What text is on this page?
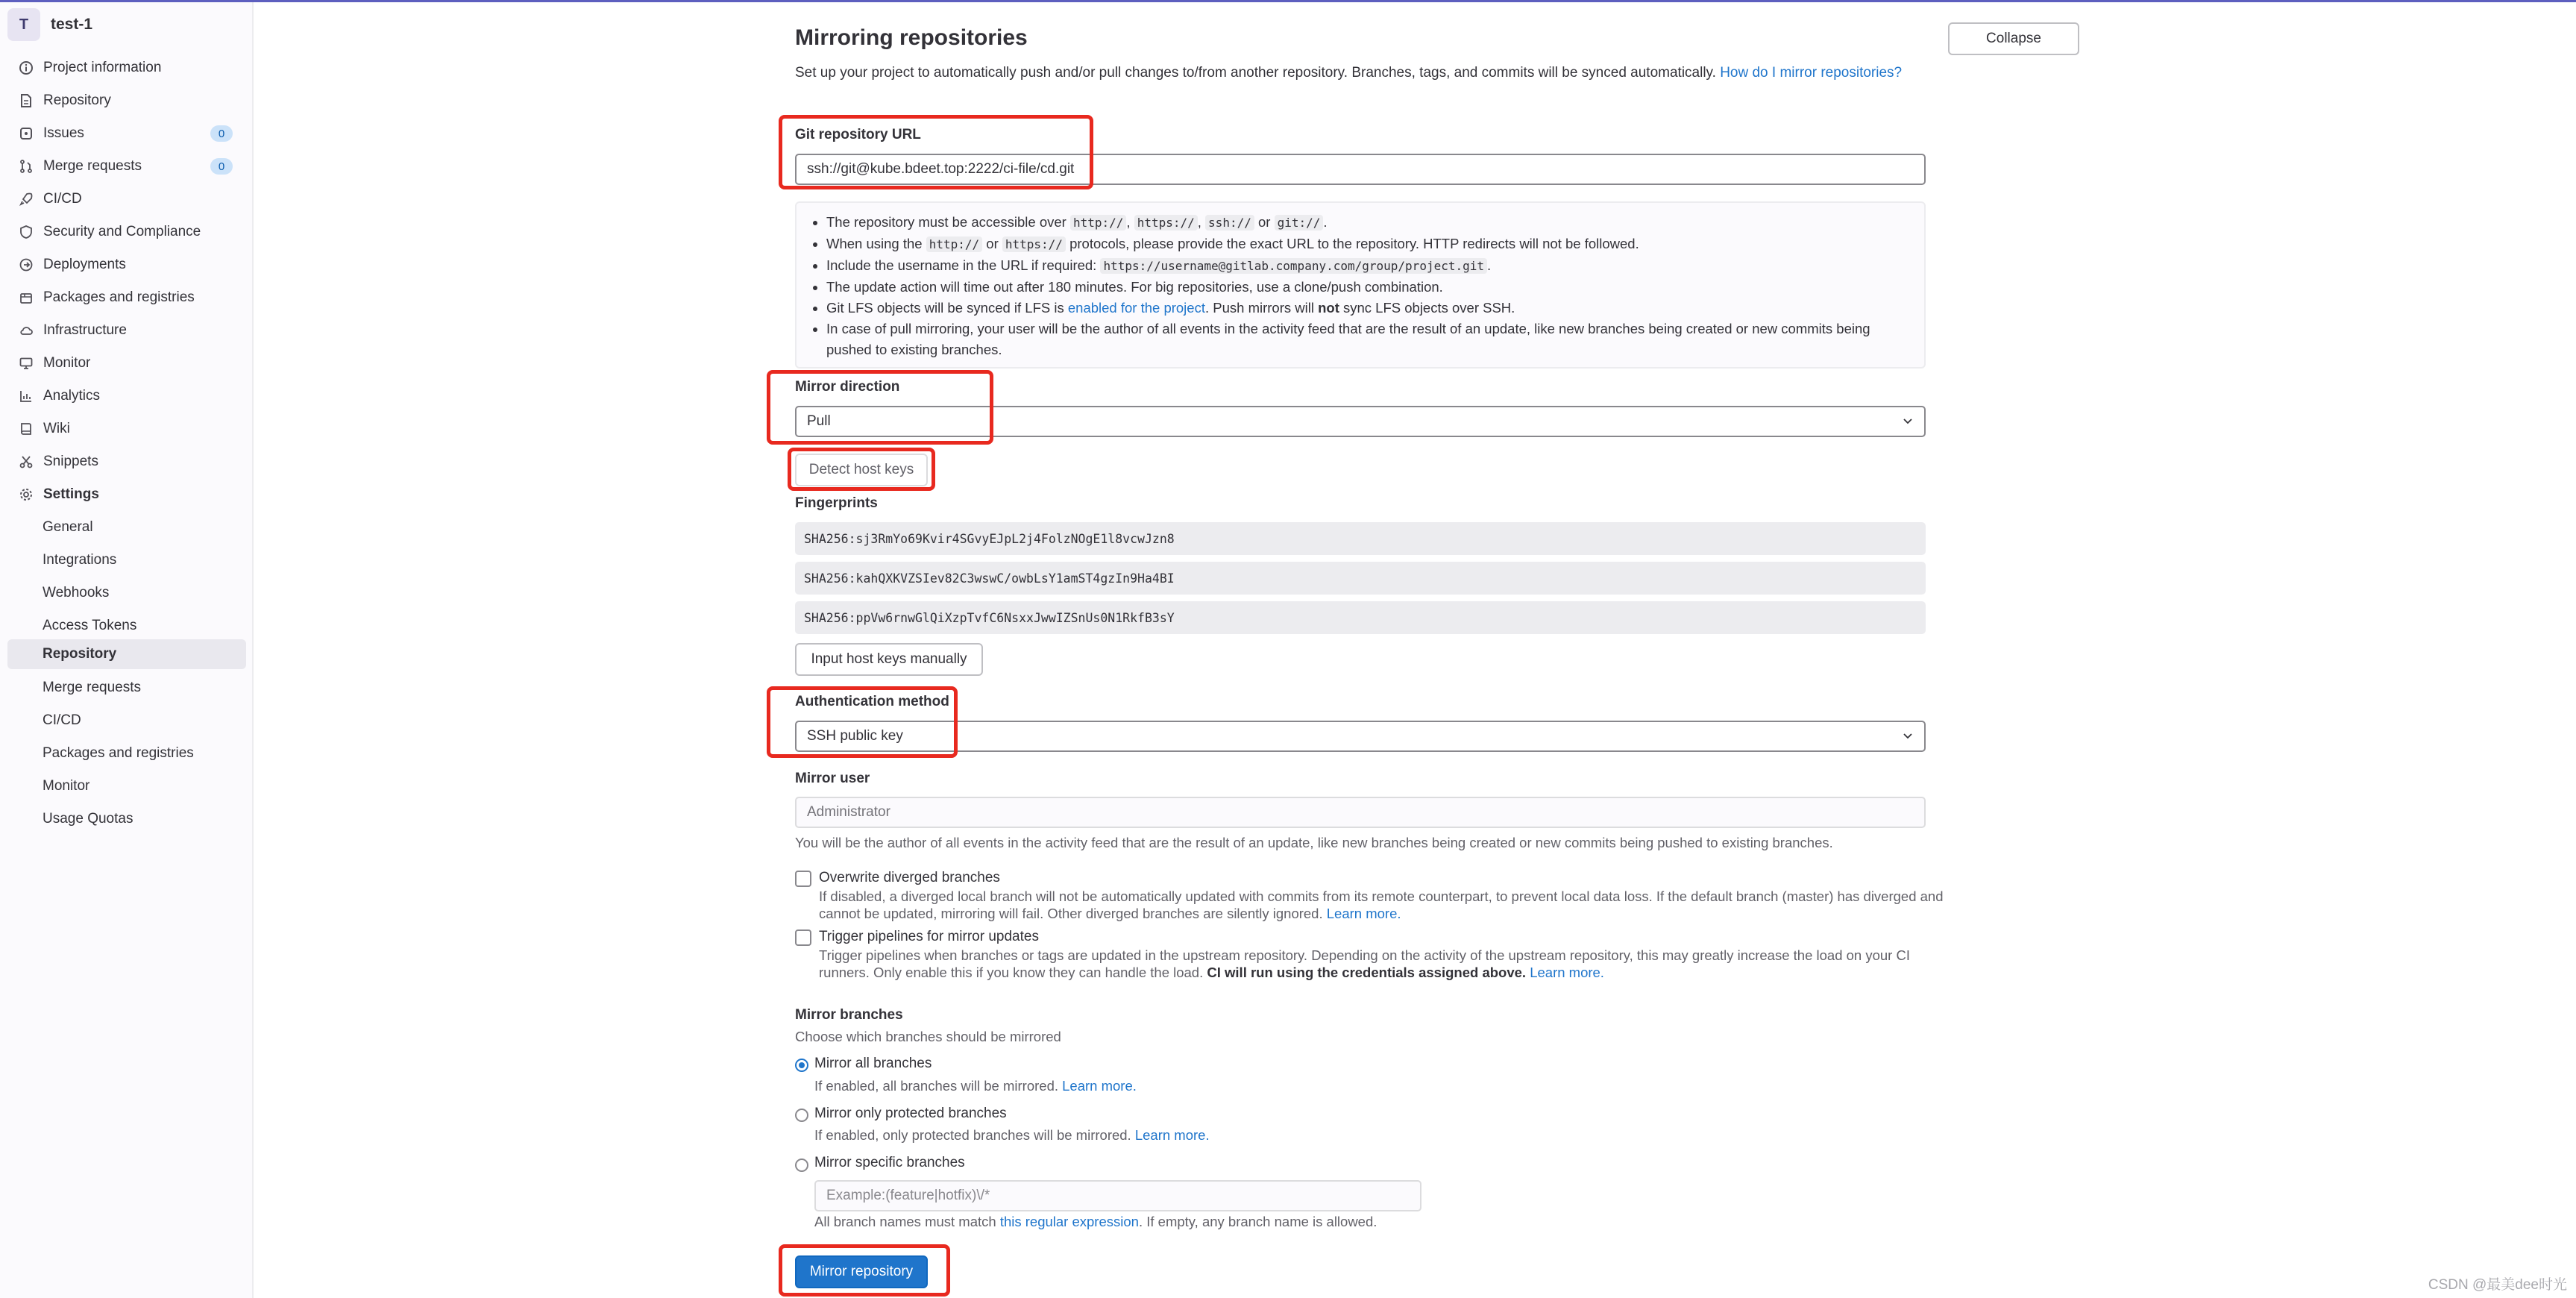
T	test-1
Project information
Repository
Issues	0
Merge requests	0
CI/CD
Security and Compliance
Deployments
Packages and registries
Infrastructure
Monitor
Analytics
Wiki
Snippets
Settings
General
Integrations
Webhooks
Access Tokens
Repository
Merge requests
CI/CD
Packages and registries
Monitor
Usage Quotas
Mirroring repositories	Collapse

Set up your project to automatically push and/or pull changes to/from another repository. Branches, tags, and commits will be synced automatically. How do I mirror repositories?

Git repository URL
ssh://git@kube.bdeet.top:2222/ci-file/cd.git
• The repository must be accessible over http:// , https:// , ssh:// or git:// .
• When using the http:// or https:// protocols, please provide the exact URL to the repository. HTTP redirects will not be followed.
• Include the username in the URL if required: https://username@gitlab.company.com/group/project.git .
• The update action will time out after 180 minutes. For big repositories, use a clone/push combination.
• Git LFS objects will be synced if LFS is enabled for the project. Push mirrors will not sync LFS objects over SSH.
• In case of pull mirroring, your user will be the author of all events in the activity feed that are the result of an update, like new branches being created or new commits being pushed to existing branches.
Mirror direction
Pull
Detect host keys
Fingerprints
SHA256:sj3RmYo69Kvir4SGvyEJpL2j4FolzNOgE1l8vcwJzn8
SHA256:kahQXKVZSIev82C3wswC/owbLsY1amST4gzIn9Ha4BI
SHA256:ppVw6rnwGlQiXzpTvfC6NsxxJwwIZSnUs0N1RkfB3sY
Input host keys manually
Authentication method
SSH public key
Mirror user
Administrator
You will be the author of all events in the activity feed that are the result of an update, like new branches being created or new commits being pushed to existing branches.
Overwrite diverged branches
If disabled, a diverged local branch will not be automatically updated with commits from its remote counterpart, to prevent local data loss. If the default branch (master) has diverged and cannot be updated, mirroring will fail. Other diverged branches are silently ignored. Learn more.
Trigger pipelines for mirror updates
Trigger pipelines when branches or tags are updated in the upstream repository. Depending on the activity of the upstream repository, this may greatly increase the load on your CI runners. Only enable this if you know they can handle the load. CI will run using the credentials assigned above. Learn more.
Mirror branches
Choose which branches should be mirrored
Mirror all branches
If enabled, all branches will be mirrored. Learn more.
Mirror only protected branches
If enabled, only protected branches will be mirrored. Learn more.
Mirror specific branches
Example:(feature|hotfix)\/*
All branch names must match this regular expression. If empty, any branch name is allowed.
Mirror repository
CSDN @最美dee时光
